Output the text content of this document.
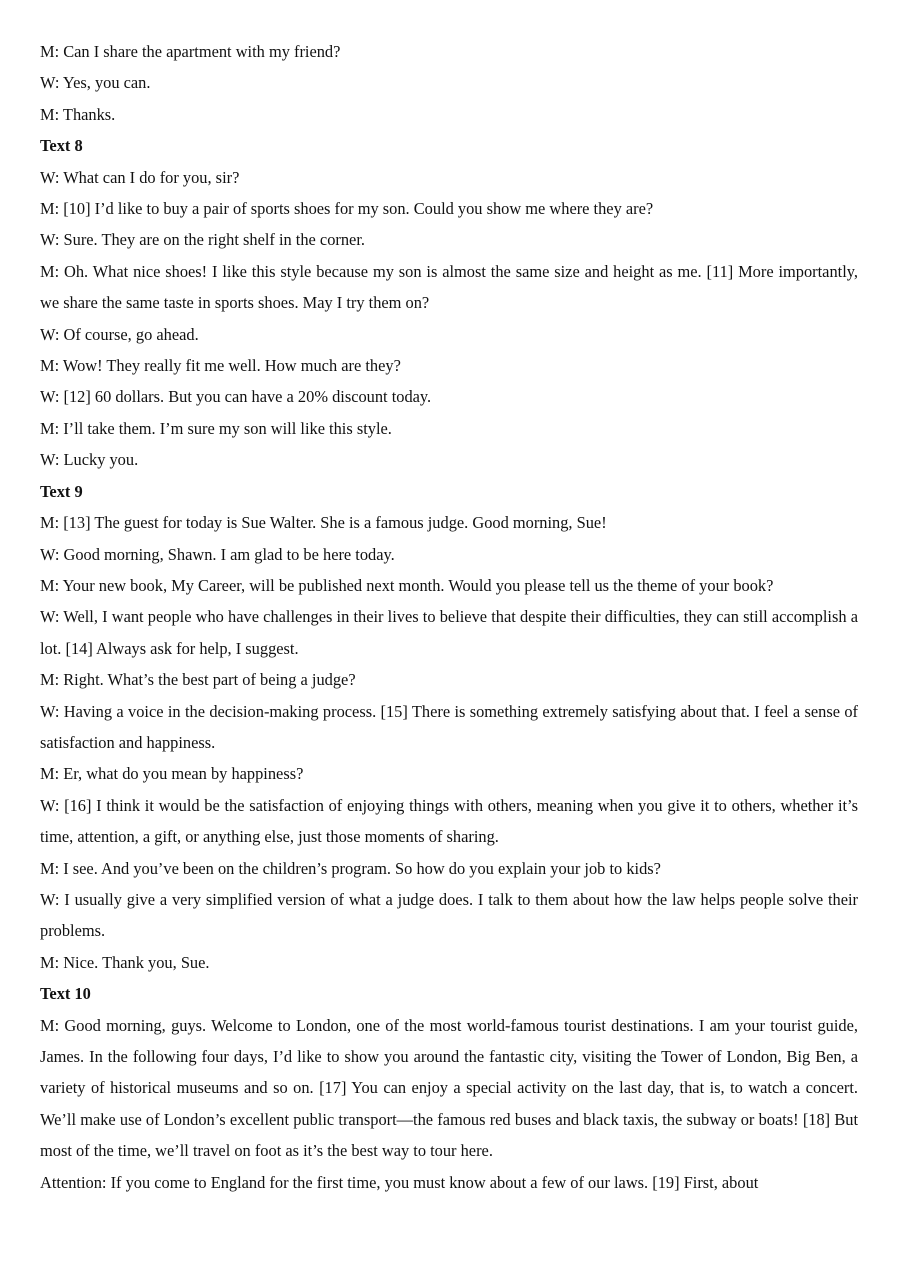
M: Can I share the apartment with my friend?

W: Yes, you can.

M: Thanks.

Text 8

W: What can I do for you, sir?

M: [10] I’d like to buy a pair of sports shoes for my son. Could you show me where they are?

W: Sure. They are on the right shelf in the corner.

M: Oh. What nice shoes! I like this style because my son is almost the same size and height as me. [11] More importantly, we share the same taste in sports shoes. May I try them on?

W: Of course, go ahead.

M: Wow! They really fit me well. How much are they?

W: [12] 60 dollars. But you can have a 20% discount today.

M: I’ll take them. I’m sure my son will like this style.

W: Lucky you.

Text 9

M: [13] The guest for today is Sue Walter. She is a famous judge. Good morning, Sue!

W: Good morning, Shawn. I am glad to be here today.

M: Your new book, My Career, will be published next month. Would you please tell us the theme of your book?

W: Well, I want people who have challenges in their lives to believe that despite their difficulties, they can still accomplish a lot. [14] Always ask for help, I suggest.

M: Right. What’s the best part of being a judge?

W: Having a voice in the decision-making process. [15] There is something extremely satisfying about that. I feel a sense of satisfaction and happiness.

M: Er, what do you mean by happiness?

W: [16] I think it would be the satisfaction of enjoying things with others, meaning when you give it to others, whether it’s time, attention, a gift, or anything else, just those moments of sharing.

M: I see. And you’ve been on the children’s program. So how do you explain your job to kids?

W: I usually give a very simplified version of what a judge does. I talk to them about how the law helps people solve their problems.

M: Nice. Thank you, Sue.

Text 10

M: Good morning, guys. Welcome to London, one of the most world-famous tourist destinations. I am your tourist guide, James. In the following four days, I’d like to show you around the fantastic city, visiting the Tower of London, Big Ben, a variety of historical museums and so on. [17] You can enjoy a special activity on the last day, that is, to watch a concert. We’ll make use of London’s excellent public transport—the famous red buses and black taxis, the subway or boats! [18] But most of the time, we’ll travel on foot as it’s the best way to tour here.

Attention: If you come to England for the first time, you must know about a few of our laws. [19] First, about
